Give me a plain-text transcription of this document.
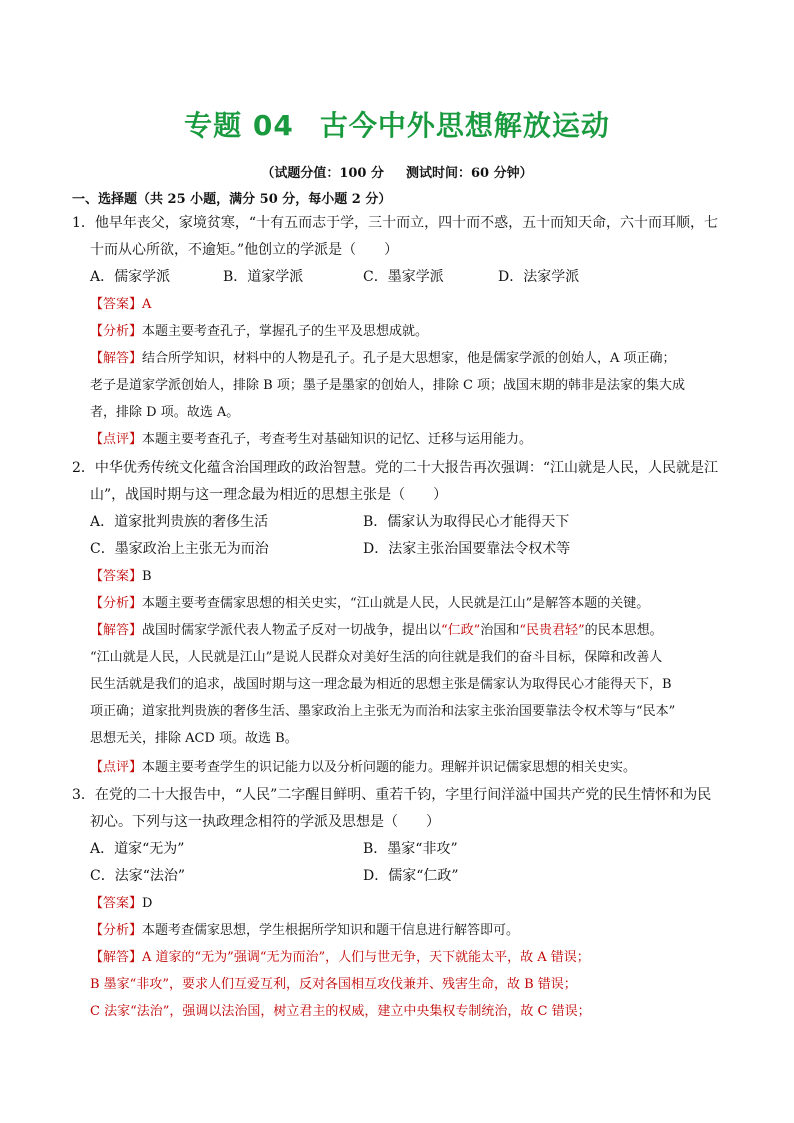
专题 04 古今中外思想解放运动
（试题分值：100 分 测试时间：60 分钟）
一、选择题（共 25 小题，满分 50 分，每小题 2 分）
1．他早年丧父，家境贫寒，“十有五而志于学，三十而立，四十而不惑，五十而知天命，六十而耳顺，七
十而从心所欲，不逾矩。”他创立的学派是（　　）
A．儒家学派	B．道家学派	C．墨家学派	D．法家学派
【答案】A
【分析】本题主要考查孔子，掌握孔子的生平及思想成就。
【解答】结合所学知识，材料中的人物是孔子。孔子是大思想家，他是儒家学派的创始人，A 项正确；
老子是道家学派创始人，排除 B 项；墨子是墨家的创始人，排除 C 项；战国末期的韩非是法家的集大成
者，排除 D 项。故选 A。
【点评】本题主要考查孔子，考查考生对基础知识的记忆、迁移与运用能力。
2．中华优秀传统文化蕴含治国理政的政治智慧。党的二十大报告再次强调：“江山就是人民，人民就是江
山”，战国时期与这一理念最为相近的思想主张是（　　）
A．道家批判贵族的奢侈生活	B．儒家认为取得民心才能得天下
C．墨家政治上主张无为而治	D．法家主张治国要靠法令权术等
【答案】B
【分析】本题主要考查儒家思想的相关史实，“江山就是人民，人民就是江山”是解答本题的关键。
【解答】战国时儒家学派代表人物孟子反对一切战争，提出以“仁政”治国和“民贵君轻”的民本思想。
“江山就是人民，人民就是江山”是说人民群众对美好生活的向往就是我们的奋斗目标，保障和改善人
民生活就是我们的追求，战国时期与这一理念最为相近的思想主张是儒家认为取得民心才能得天下，B
项正确；道家批判贵族的奢侈生活、墨家政治上主张无为而治和法家主张治国要靠法令权术等与“民本”
思想无关，排除 ACD 项。故选 B。
【点评】本题主要考查学生的识记能力以及分析问题的能力。理解并识记儒家思想的相关史实。
3．在党的二十大报告中，“人民”二字醒目鲜明、重若千钧，字里行间洋溢中国共产党的民生情怀和为民
初心。下列与这一执政理念相符的学派及思想是（　　）
A．道家“无为”	B．墨家“非攻”
C．法家“法治”	D．儒家“仁政”
【答案】D
【分析】本题考查儒家思想，学生根据所学知识和题干信息进行解答即可。
【解答】A 道家的“无为”强调“无为而治”，人们与世无争，天下就能太平，故 A 错误；
B 墨家“非攻”，要求人们互爱互利，反对各国相互攻伐兼并、残害生命，故 B 错误；
C 法家“法治”，强调以法治国，树立君主的权威，建立中央集权专制统治，故 C 错误；
